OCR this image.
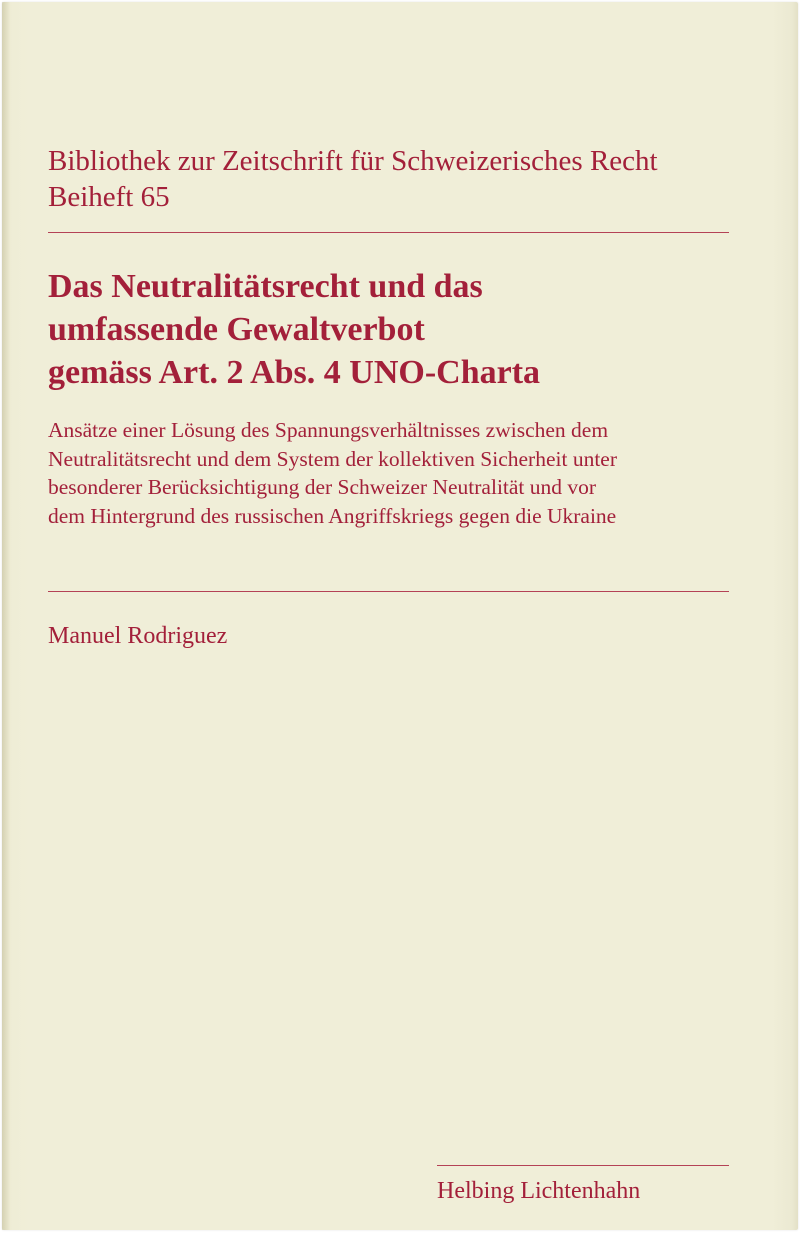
Bibliothek zur Zeitschrift für Schweizerisches Recht
Beiheft 65
Das Neutralitätsrecht und das
umfassende Gewaltverbot
gemäss Art. 2 Abs. 4 UNO-Charta
Ansätze einer Lösung des Spannungsverhältnisses zwischen dem
Neutralitätsrecht und dem System der kollektiven Sicherheit unter
besonderer Berücksichtigung der Schweizer Neutralität und vor
dem Hintergrund des russischen Angriffskriegs gegen die Ukraine
Manuel Rodriguez
Helbing Lichtenhahn
